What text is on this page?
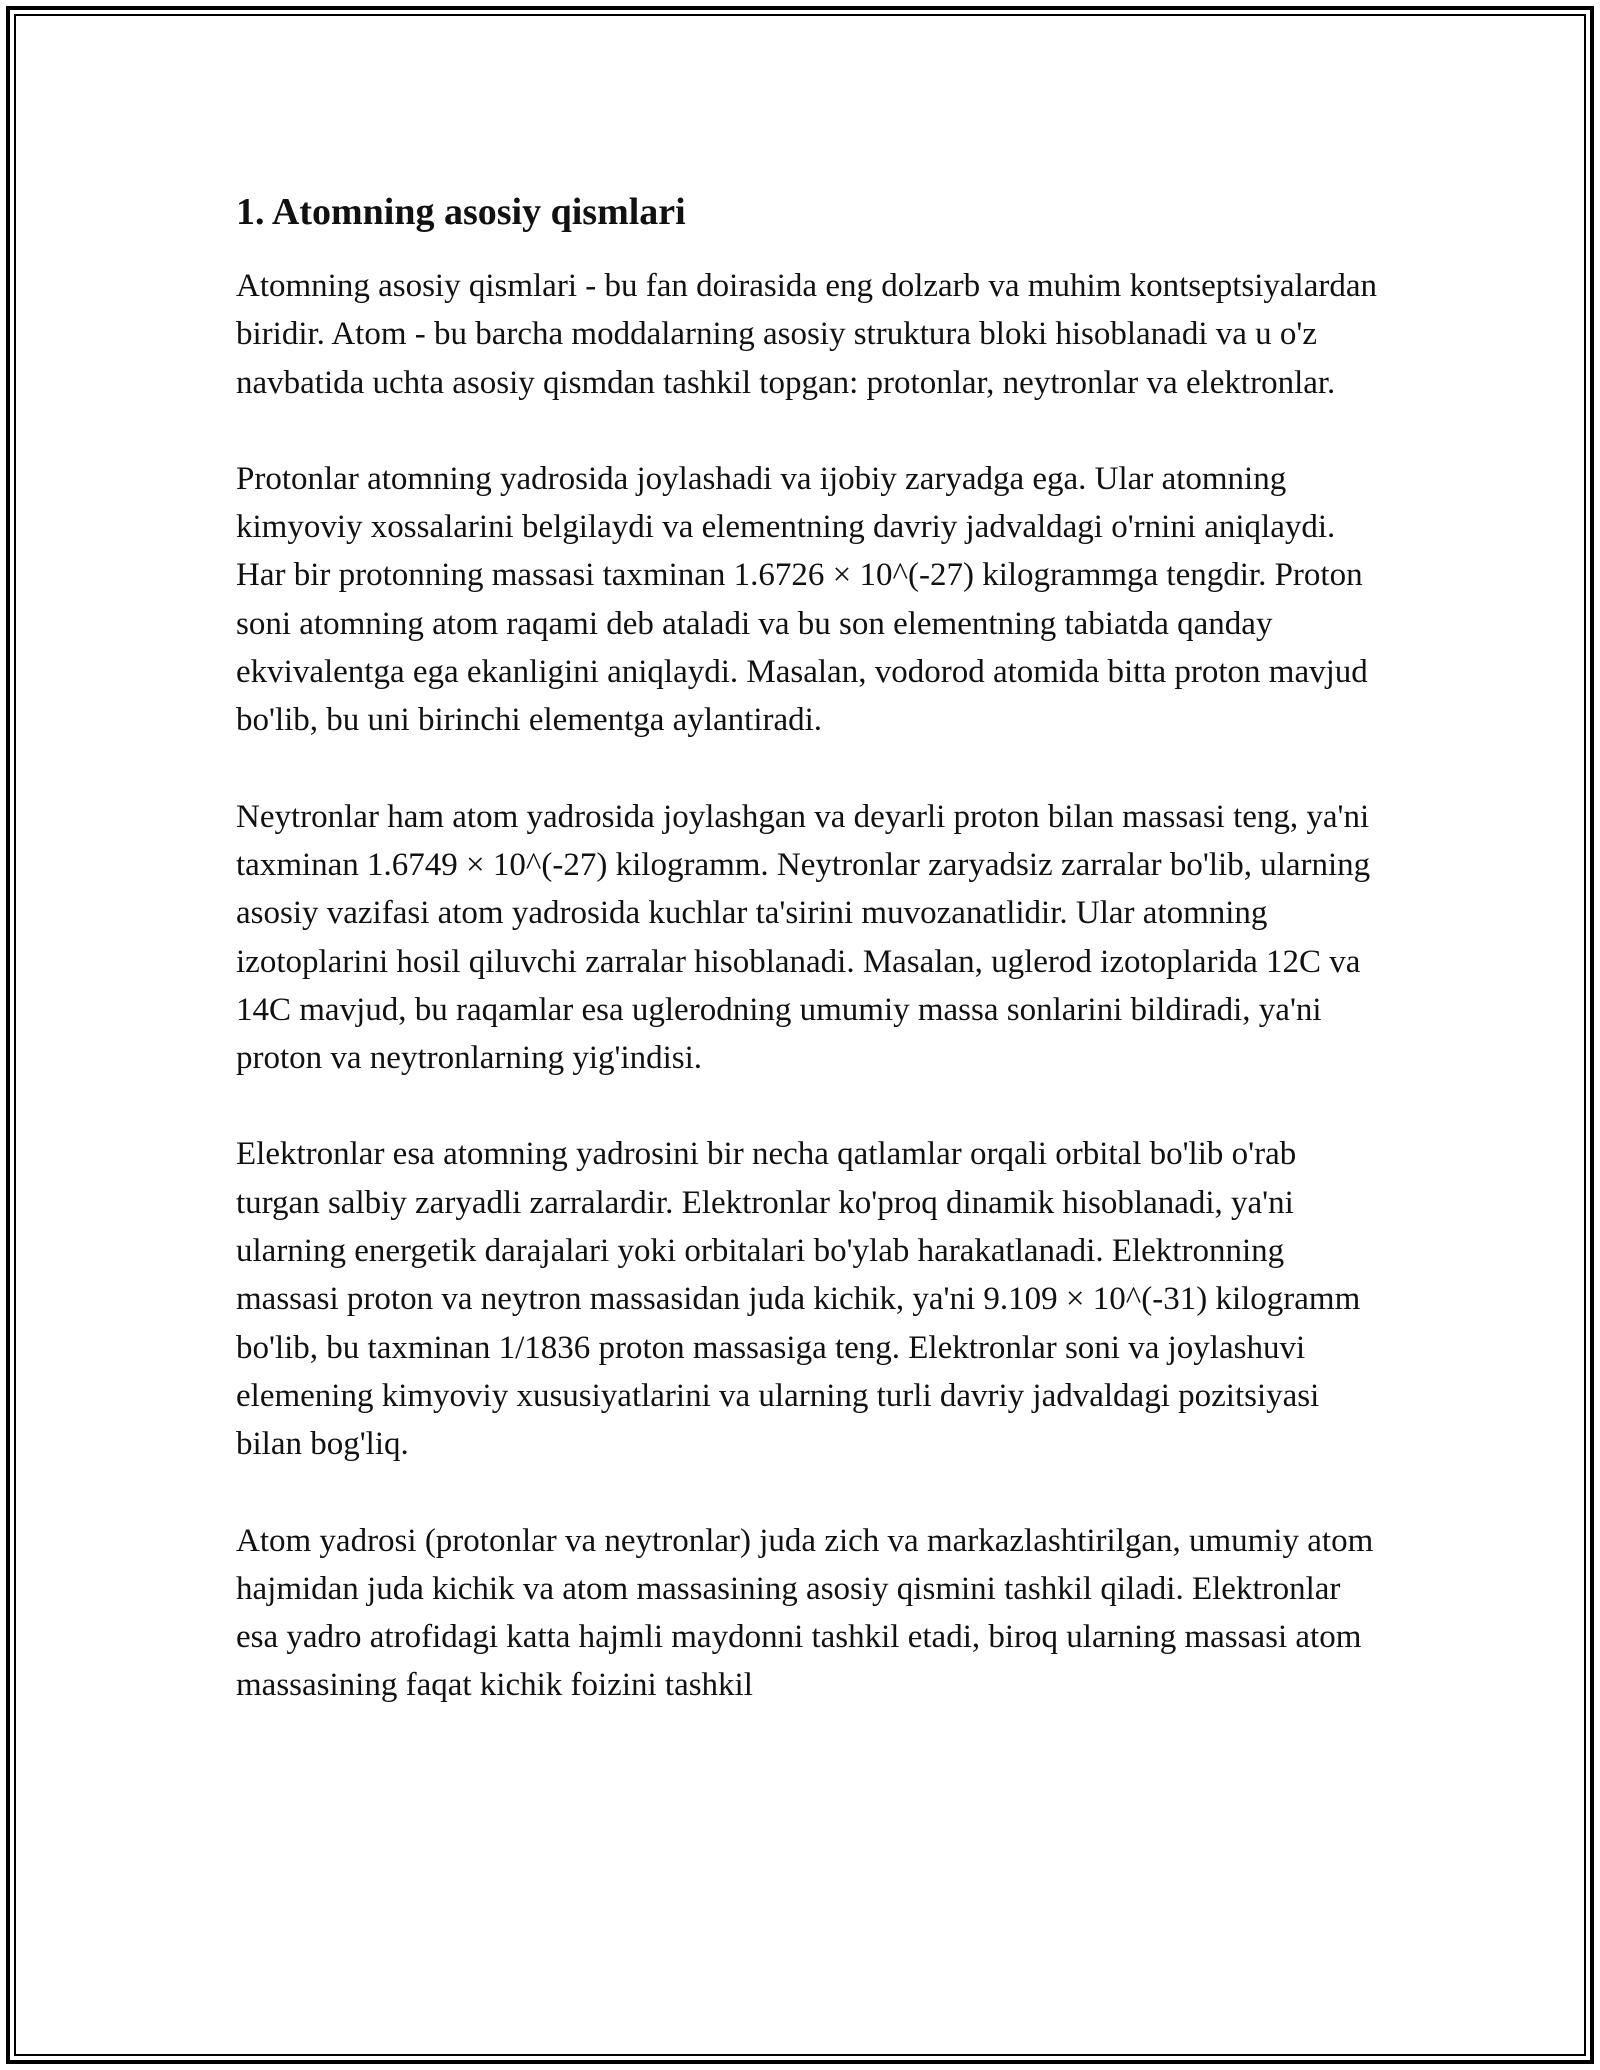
1. Atomning asosiy qismlari

Atomning asosiy qismlari - bu fan doirasida eng dolzarb va muhim kontseptsiyalardan biridir. Atom - bu barcha moddalarning asosiy struktura bloki hisoblanadi va u o'z navbatida uchta asosiy qismdan tashkil topgan: protonlar, neytronlar va elektronlar.

Protonlar atomning yadrosida joylashadi va ijobiy zaryadga ega. Ular atomning kimyoviy xossalarini belgilaydi va elementning davriy jadvaldagi o'rnini aniqlaydi. Har bir protonning massasi taxminan 1.6726 × 10^(-27) kilogrammga tengdir. Proton soni atomning atom raqami deb ataladi va bu son elementning tabiatda qanday ekvivalentga ega ekanligini aniqlaydi. Masalan, vodorod atomida bitta proton mavjud bo'lib, bu uni birinchi elementga aylantiradi.

Neytronlar ham atom yadrosida joylashgan va deyarli proton bilan massasi teng, ya'ni taxminan 1.6749 × 10^(-27) kilogramm. Neytronlar zaryadsiz zarralar bo'lib, ularning asosiy vazifasi atom yadrosida kuchlar ta'sirini muvozanatlidir. Ular atomning izotoplarini hosil qiluvchi zarralar hisoblanadi. Masalan, uglerod izotoplarida 12C va 14C mavjud, bu raqamlar esa uglerodning umumiy massa sonlarini bildiradi, ya'ni proton va neytronlarning yig'indisi.

Elektronlar esa atomning yadrosini bir necha qatlamlar orqali orbital bo'lib o'rab turgan salbiy zaryadli zarralardir. Elektronlar ko'proq dinamik hisoblanadi, ya'ni ularning energetik darajalari yoki orbitalari bo'ylab harakatlanadi. Elektronning massasi proton va neytron massasidan juda kichik, ya'ni 9.109 × 10^(-31) kilogramm bo'lib, bu taxminan 1/1836 proton massasiga teng. Elektronlar soni va joylashuvi elemening kimyoviy xususiyatlarini va ularning turli davriy jadvaldagi pozitsiyasi bilan bog'liq.

Atom yadrosi (protonlar va neytronlar) juda zich va markazlashtirilgan, umumiy atom hajmidan juda kichik va atom massasining asosiy qismini tashkil qiladi. Elektronlar esa yadro atrofidagi katta hajmli maydonni tashkil etadi, biroq ularning massasi atom massasining faqat kichik foizini tashkil
